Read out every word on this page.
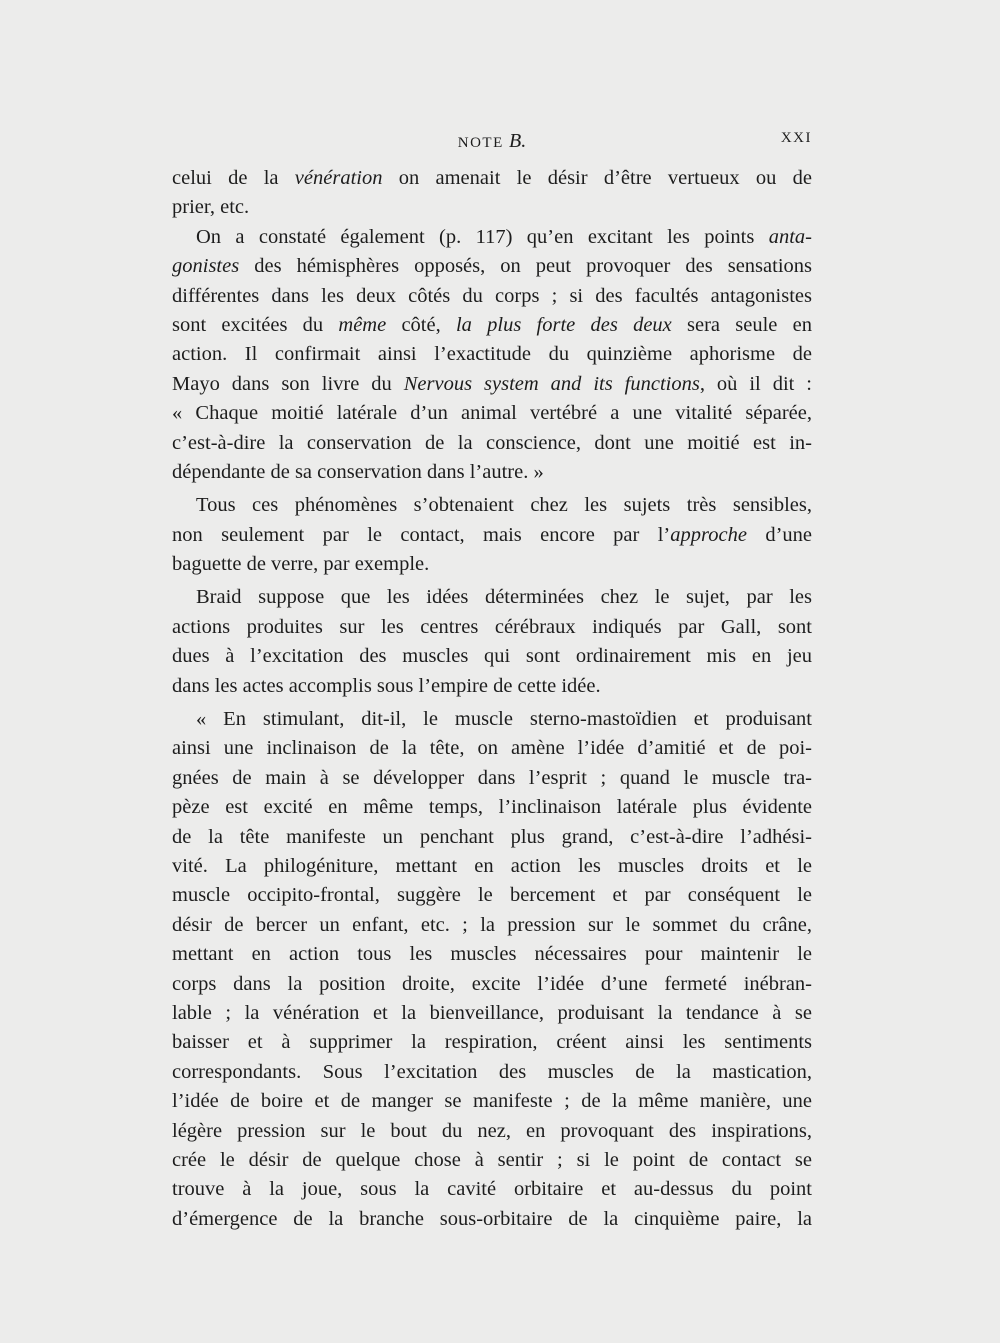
NOTE B.	XXI
celui de la vénération on amenait le désir d’être vertueux ou de
prier, etc.
On a constaté également (p. 117) qu’en excitant les points anta-
gonistes des hémisphères opposés, on peut provoquer des sensations
différentes dans les deux côtés du corps ; si des facultés antagonistes
sont excitées du même côté, la plus forte des deux sera seule en
action. Il confirmait ainsi l’exactitude du quinzième aphorisme de
Mayo dans son livre du Nervous system and its functions, où il dit :
« Chaque moitié latérale d’un animal vertébré a une vitalité séparée,
c’est-à-dire la conservation de la conscience, dont une moitié est in-
dépendante de sa conservation dans l’autre. »
Tous ces phénomènes s’obtenaient chez les sujets très sensibles,
non seulement par le contact, mais encore par l’approche d’une
baguette de verre, par exemple.
Braid suppose que les idées déterminées chez le sujet, par les
actions produites sur les centres cérébraux indiqués par Gall, sont
dues à l’excitation des muscles qui sont ordinairement mis en jeu
dans les actes accomplis sous l’empire de cette idée.
« En stimulant, dit-il, le muscle sterno-mastoïdien et produisant
ainsi une inclinaison de la tête, on amène l’idée d’amitié et de poi-
gnées de main à se développer dans l’esprit ; quand le muscle tra-
pèze est excité en même temps, l’inclinaison latérale plus évidente
de la tête manifeste un penchant plus grand, c’est-à-dire l’adhési-
vité. La philogéniture, mettant en action les muscles droits et le
muscle occipito-frontal, suggère le bercement et par conséquent le
désir de bercer un enfant, etc. ; la pression sur le sommet du crâne,
mettant en action tous les muscles nécessaires pour maintenir le
corps dans la position droite, excite l’idée d’une fermeté inébran-
lable ; la vénération et la bienveillance, produisant la tendance à se
baisser et à supprimer la respiration, créent ainsi les sentiments
correspondants. Sous l’excitation des muscles de la mastication,
l’idée de boire et de manger se manifeste ; de la même manière, une
légère pression sur le bout du nez, en provoquant des inspirations,
crée le désir de quelque chose à sentir ; si le point de contact se
trouve à la joue, sous la cavité orbitaire et au-dessus du point
d’émergence de la branche sous-orbitaire de la cinquième paire, la
